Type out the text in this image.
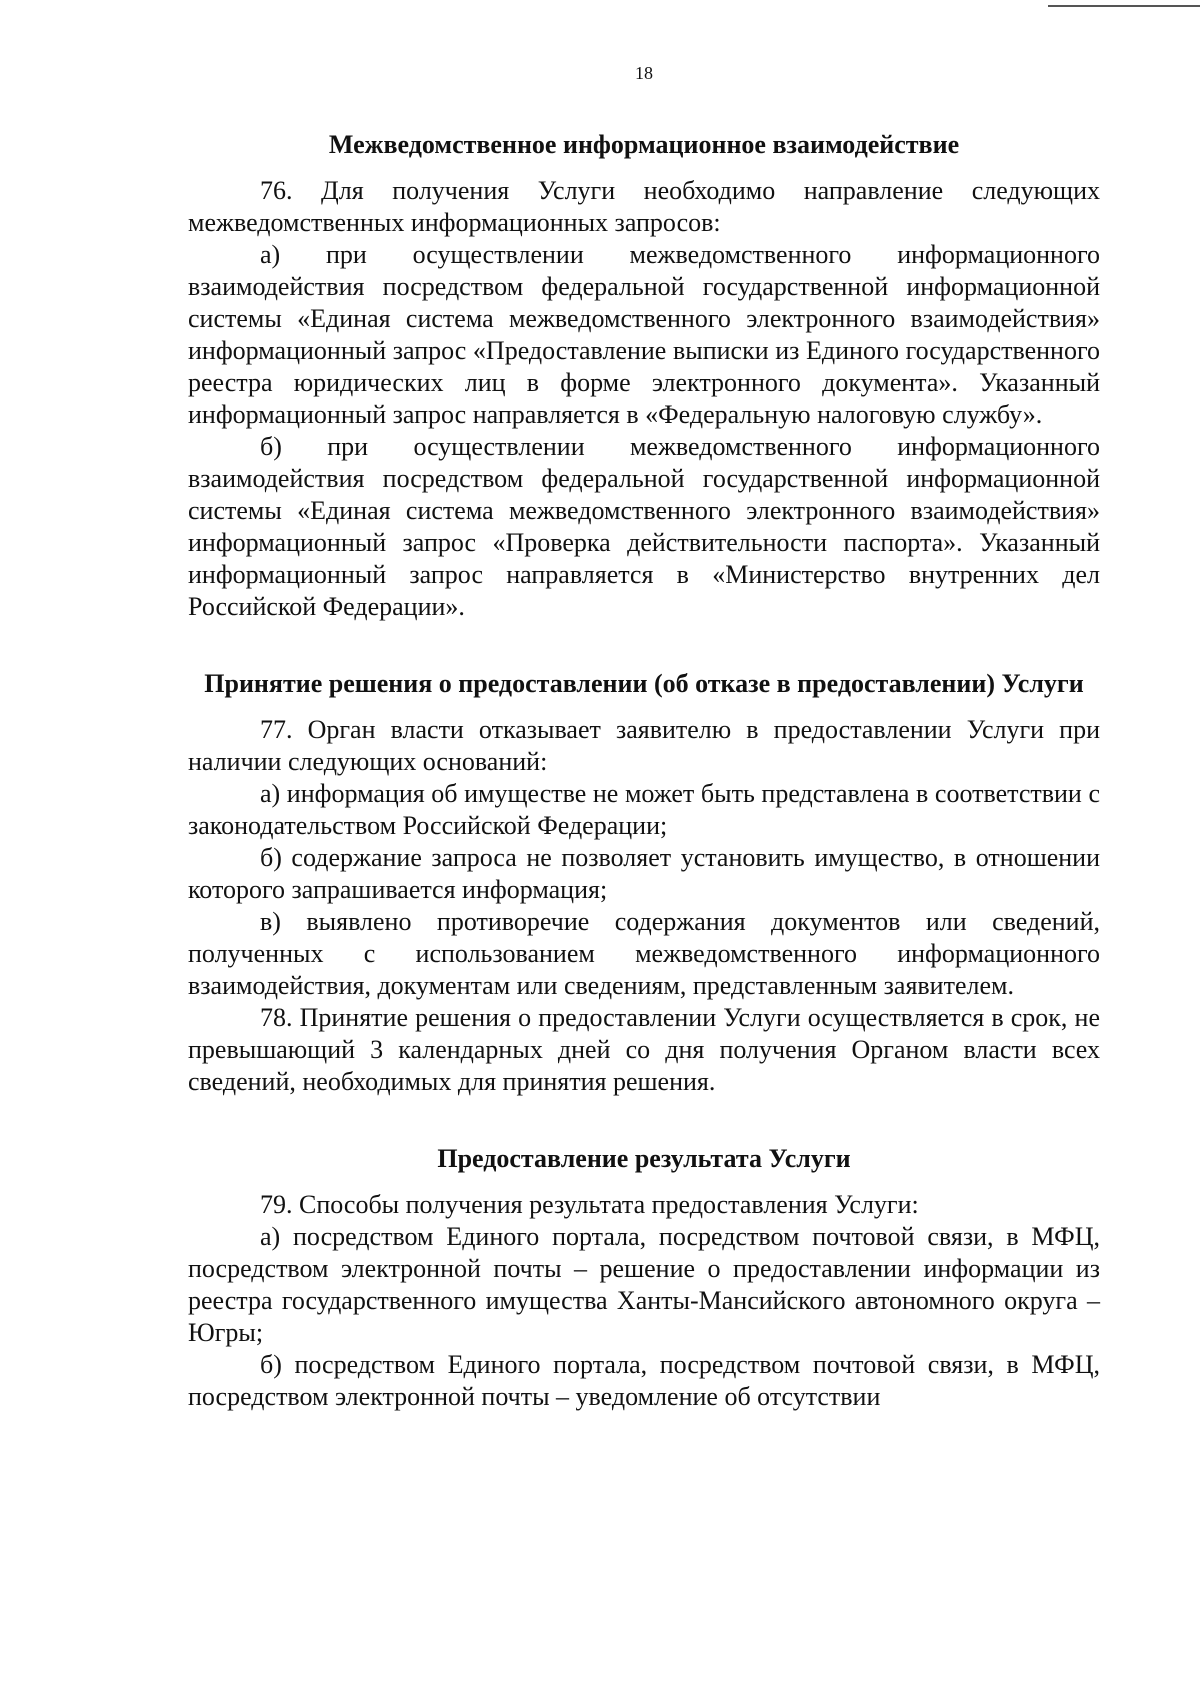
18
Межведомственное информационное взаимодействие

76. Для получения Услуги необходимо направление следующих межведомственных информационных запросов:

а) при осуществлении межведомственного информационного взаимодействия посредством федеральной государственной информационной системы «Единая система межведомственного электронного взаимодействия» информационный запрос «Предоставление выписки из Единого государственного реестра юридических лиц в форме электронного документа». Указанный информационный запрос направляется в «Федеральную налоговую службу».

б) при осуществлении межведомственного информационного взаимодействия посредством федеральной государственной информационной системы «Единая система межведомственного электронного взаимодействия» информационный запрос «Проверка действительности паспорта». Указанный информационный запрос направляется в «Министерство внутренних дел Российской Федерации».

Принятие решения о предоставлении (об отказе в предоставлении) Услуги

77. Орган власти отказывает заявителю в предоставлении Услуги при наличии следующих оснований:

а) информация об имуществе не может быть представлена в соответствии с законодательством Российской Федерации;

б) содержание запроса не позволяет установить имущество, в отношении которого запрашивается информация;

в) выявлено противоречие содержания документов или сведений, полученных с использованием межведомственного информационного взаимодействия, документам или сведениям, представленным заявителем.

78. Принятие решения о предоставлении Услуги осуществляется в срок, не превышающий 3 календарных дней со дня получения Органом власти всех сведений, необходимых для принятия решения.

Предоставление результата Услуги

79. Способы получения результата предоставления Услуги:

а) посредством Единого портала, посредством почтовой связи, в МФЦ, посредством электронной почты – решение о предоставлении информации из реестра государственного имущества Ханты-Мансийского автономного округа – Югры;

б) посредством Единого портала, посредством почтовой связи, в МФЦ, посредством электронной почты – уведомление об отсутствии
